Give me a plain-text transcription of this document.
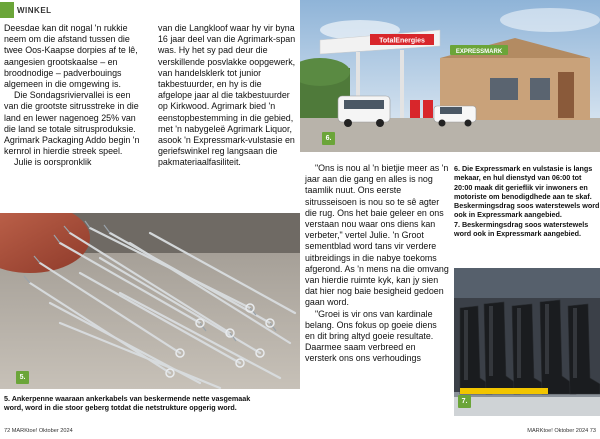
WINKEL

Deesdae kan dit nogal 'n rukkie neem om die afstand tussen die twee Oos-Kaapse dorpies af te lê, aangesien grootskaalse – en broodnodige – padverbouings algemeen in die omgewing is.

Die Sondagsriviervallei is een van die grootste sitrusstreke in die land en lewer nagenoeg 25% van die land se totale sitrusproduksie. Agrimark Packaging Addo begin 'n kernrol in hierdie streek speel.

Julie is oorspronklik

van die Langkloof waar hy vir byna 16 jaar deel van die Agrimark-span was. Hy het sy pad deur die verskillende posvlakke oopgewerk, van handelsklerk tot junior takbestuurder, en hy is die afgelope jaar al die takbestuurder op Kirkwood. Agrimark bied 'n eenstopbestemming in die gebied, met 'n nabygeleë Agrimark Liquor, asook 'n Expressmark-vulstasie en geriefswinkel reg langsaan die pakmateriaalfasiliteit.

5.
EXPRESSMARK
TotalEnergies
6.

"Ons is nou al 'n bietjie meer as 'n jaar aan die gang en alles is nog taamlik nuut. Ons eerste sitrusseisoen is nou so te sê agter die rug. Ons het baie geleer en ons verstaan nou waar ons diens kan verbeter," vertel Julie. 'n Groot sementblad word tans vir verdere uitbreidings in die nabye toekoms afgerond. As 'n mens na die omvang van hierdie ruimte kyk, kan jy sien dat hier nog baie besigheid gedoen gaan word.

"Groei is vir ons van kardinale belang. Ons fokus op goeie diens en dit bring altyd goeie resultate. Daarmee saam verbreed en versterk ons ons verhoudings

6. Die Expressmark en vulstasie is langs mekaar, en hul dienstyd van 06:00 tot 20:00 maak dit gerieflik vir inwoners en motoriste om benodigdhede aan te skaf. Beskermingsdrag soos waterstewels word ook in Expressmark aangebied.

7. Beskermingsdrag soos waterstewels word ook in Expressmark aangebied.

7.

5. Ankerpenne waaraan ankerkabels van beskermende nette vasgemaak word, word in die stoor geberg totdat die netstrukture opgerig word.

72 MARKtoe! Oktober 2024	MARKtoe! Oktober 2024 73
